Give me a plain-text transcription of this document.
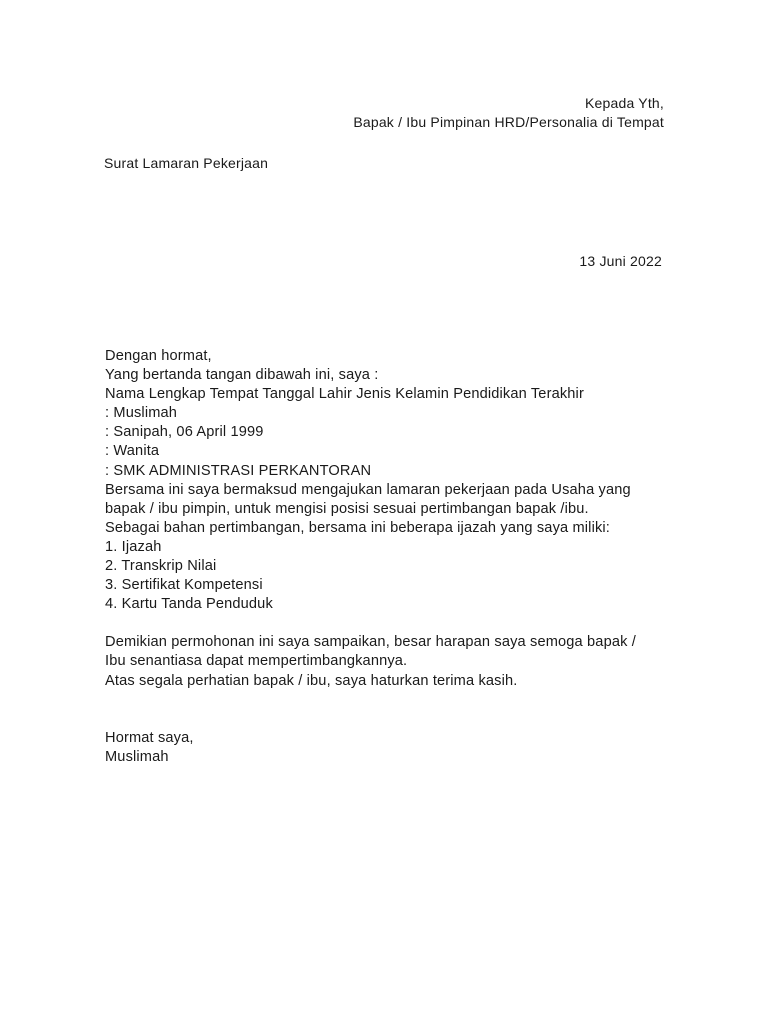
Kepada Yth,
Bapak / Ibu Pimpinan HRD/Personalia di Tempat
Surat Lamaran Pekerjaan
13 Juni 2022
Dengan hormat,
Yang bertanda tangan dibawah ini, saya :
Nama Lengkap Tempat Tanggal Lahir Jenis Kelamin Pendidikan Terakhir
: Muslimah
: Sanipah, 06 April 1999
: Wanita
: SMK ADMINISTRASI PERKANTORAN
Bersama ini saya bermaksud mengajukan lamaran pekerjaan pada Usaha yang
bapak / ibu pimpin, untuk mengisi posisi sesuai pertimbangan bapak /ibu.
Sebagai bahan pertimbangan, bersama ini beberapa ijazah yang saya miliki:
1. Ijazah
2. Transkrip Nilai
3. Sertifikat Kompetensi
4. Kartu Tanda Penduduk
Demikian permohonan ini saya sampaikan, besar harapan saya semoga bapak /
Ibu senantiasa dapat mempertimbangkannya.
Atas segala perhatian bapak / ibu, saya haturkan terima kasih.
Hormat saya,
Muslimah
